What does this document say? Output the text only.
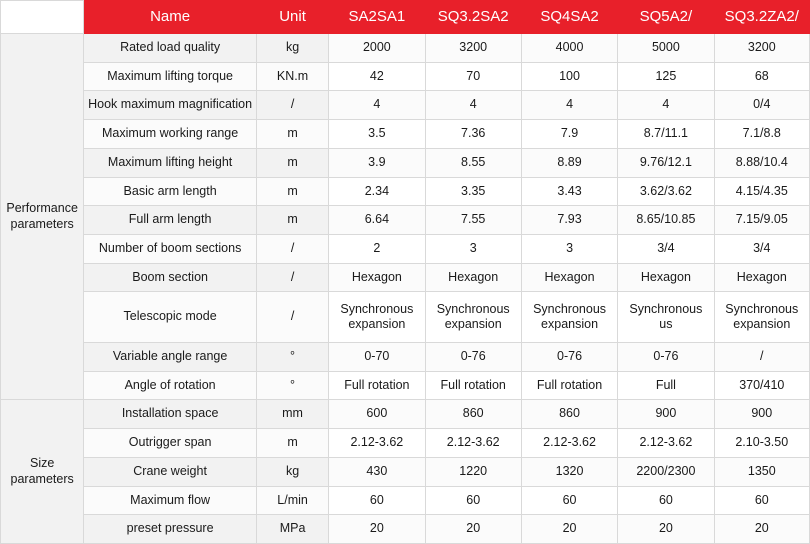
	Name	Unit	SA2SA1	SQ3.2SA2	SQ4SA2	SQ5A2/	SQ3.2ZA2/
Performance parameters	Rated load quality	kg	2000	3200	4000	5000	3200
	Maximum lifting torque	KN.m	42	70	100	125	68
	Hook maximum magnification	/	4	4	4	4	0/4
	Maximum working range	m	3.5	7.36	7.9	8.7/11.1	7.1/8.8
	Maximum lifting height	m	3.9	8.55	8.89	9.76/12.1	8.88/10.4
	Basic arm length	m	2.34	3.35	3.43	3.62/3.62	4.15/4.35
	Full arm length	m	6.64	7.55	7.93	8.65/10.85	7.15/9.05
	Number of boom sections	/	2	3	3	3/4	3/4
	Boom section	/	Hexagon	Hexagon	Hexagon	Hexagon	Hexagon
	Telescopic mode	/	Synchronous expansion	Synchronous expansion	Synchronous expansion	Synchronous us	Synchronous expansion
	Variable angle range	°	0-70	0-76	0-76	0-76	/
	Angle of rotation	°	Full rotation	Full rotation	Full rotation	Full	370/410
Size parameters	Installation space	mm	600	860	860	900	900
	Outrigger span	m	2.12-3.62	2.12-3.62	2.12-3.62	2.12-3.62	2.10-3.50
	Crane weight	kg	430	1220	1320	2200/2300	1350
	Maximum flow	L/min	60	60	60	60	60
	preset pressure	MPa	20	20	20	20	20
